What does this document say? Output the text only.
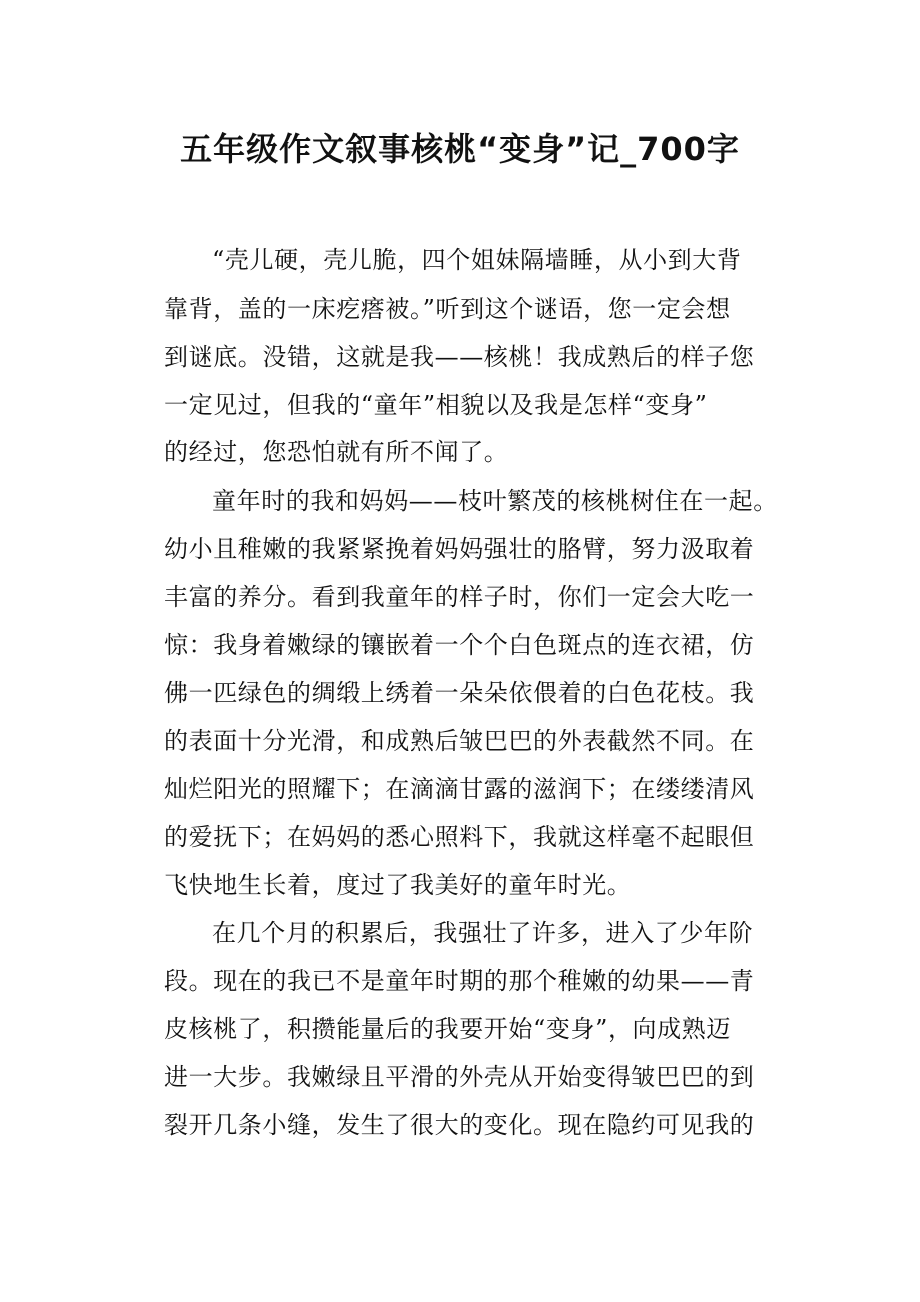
五年级作文叙事核桃“变身”记_700字
“壳儿硬，壳儿脆，四个姐妹隔墙睡，从小到大背
靠背，盖的一床疙瘩被。”听到这个谜语，您一定会想
到谜底。没错，这就是我——核桃！我成熟后的样子您
一定见过，但我的“童年”相貌以及我是怎样“变身”
的经过，您恐怕就有所不闻了。
童年时的我和妈妈——枝叶繁茂的核桃树住在一起。
幼小且稚嫩的我紧紧挽着妈妈强壮的胳臂，努力汲取着
丰富的养分。看到我童年的样子时，你们一定会大吃一
惊：我身着嫩绿的镶嵌着一个个白色斑点的连衣裙，仿
佛一匹绿色的绸缎上绣着一朵朵依偎着的白色花枝。我
的表面十分光滑，和成熟后皱巴巴的外表截然不同。在
灿烂阳光的照耀下；在滴滴甘露的滋润下；在缕缕清风
的爱抚下；在妈妈的悉心照料下，我就这样毫不起眼但
飞快地生长着，度过了我美好的童年时光。
在几个月的积累后，我强壮了许多，进入了少年阶
段。现在的我已不是童年时期的那个稚嫩的幼果——青
皮核桃了，积攒能量后的我要开始“变身”，向成熟迈
进一大步。我嫩绿且平滑的外壳从开始变得皱巴巴的到
裂开几条小缝，发生了很大的变化。现在隐约可见我的
